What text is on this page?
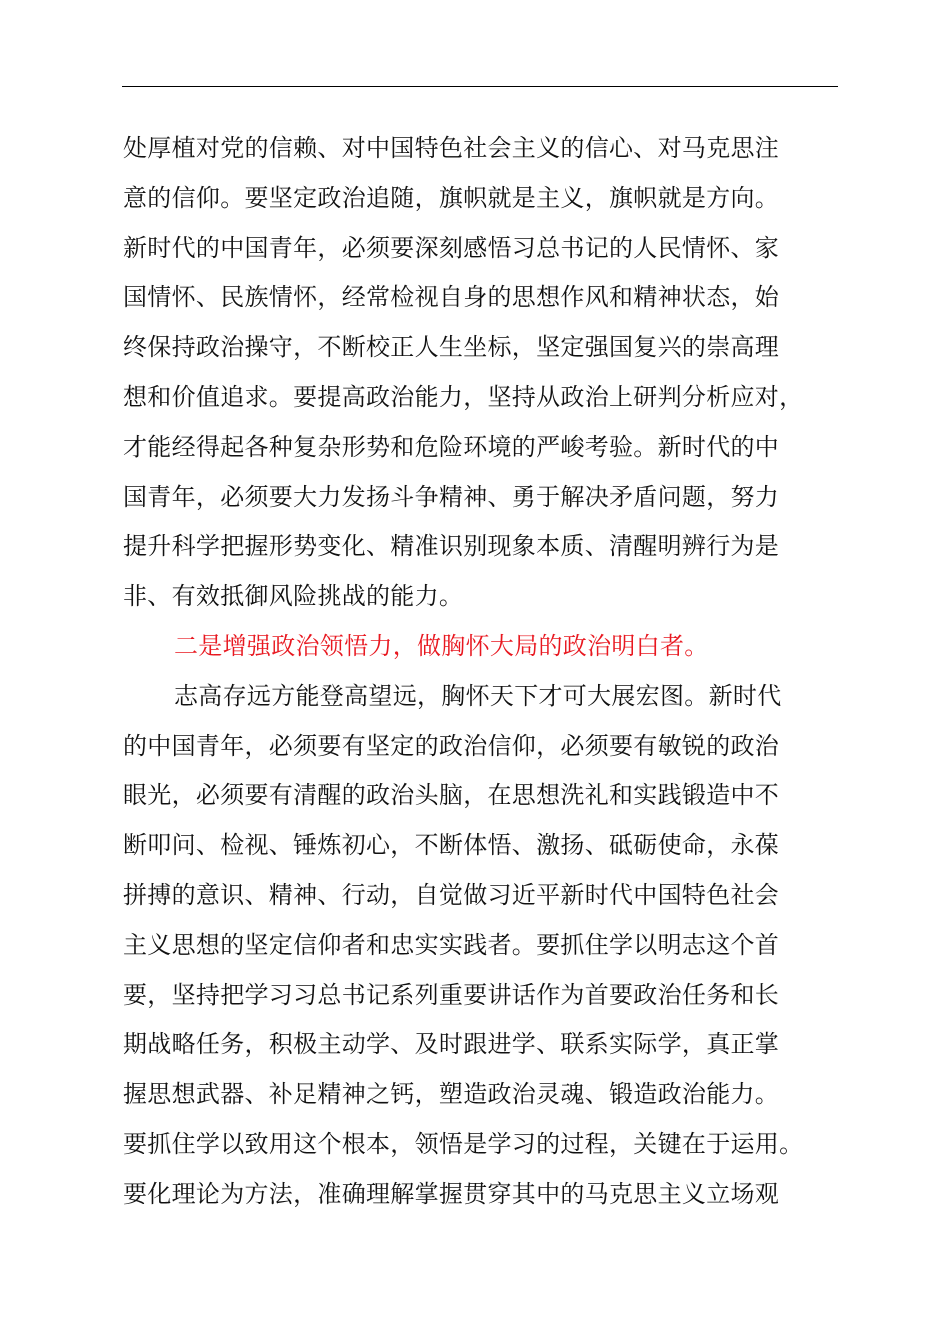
处厚植对党的信赖、对中国特色社会主义的信心、对马克思注
意的信仰。要坚定政治追随，旗帜就是主义，旗帜就是方向。
新时代的中国青年，必须要深刻感悟习总书记的人民情怀、家
国情怀、民族情怀，经常检视自身的思想作风和精神状态，始
终保持政治操守，不断校正人生坐标，坚定强国复兴的崇高理
想和价值追求。要提高政治能力，坚持从政治上研判分析应对，
才能经得起各种复杂形势和危险环境的严峻考验。新时代的中
国青年，必须要大力发扬斗争精神、勇于解决矛盾问题，努力
提升科学把握形势变化、精准识别现象本质、清醒明辨行为是
非、有效抵御风险挑战的能力。
二是增强政治领悟力，做胸怀大局的政治明白者。
志高存远方能登高望远，胸怀天下才可大展宏图。新时代
的中国青年，必须要有坚定的政治信仰，必须要有敏锐的政治
眼光，必须要有清醒的政治头脑，在思想洗礼和实践锻造中不
断叩问、检视、锤炼初心，不断体悟、激扬、砥砺使命，永葆
拼搏的意识、精神、行动，自觉做习近平新时代中国特色社会
主义思想的坚定信仰者和忠实实践者。要抓住学以明志这个首
要，坚持把学习习总书记系列重要讲话作为首要政治任务和长
期战略任务，积极主动学、及时跟进学、联系实际学，真正掌
握思想武器、补足精神之钙，塑造政治灵魂、锻造政治能力。
要抓住学以致用这个根本，领悟是学习的过程，关键在于运用。
要化理论为方法，准确理解掌握贯穿其中的马克思主义立场观
